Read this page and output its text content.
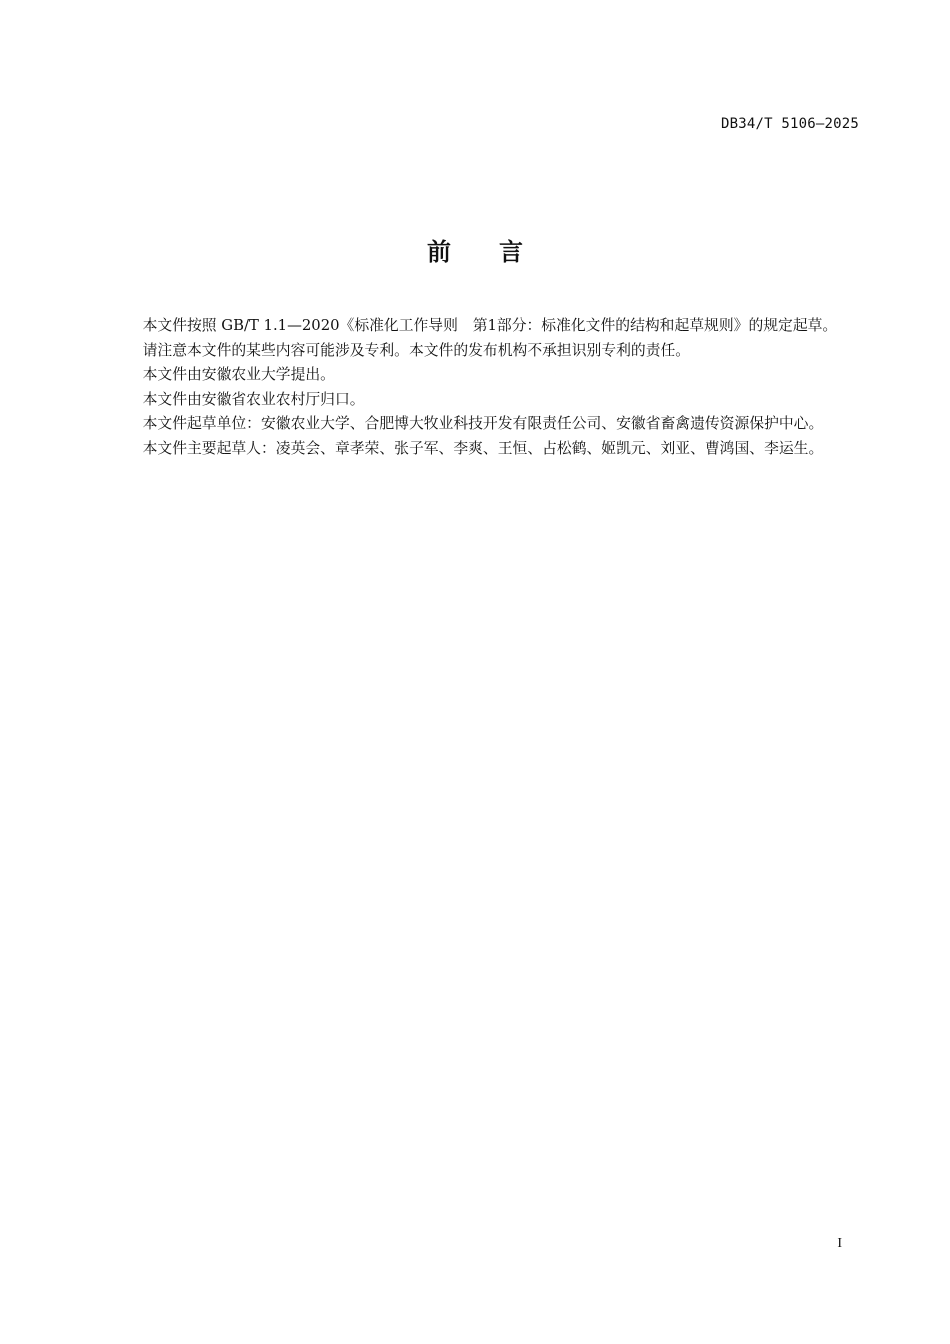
DB34/T 5106—2025
前言

本文件按照 GB/T 1.1—2020《标准化工作导则　第1部分：标准化文件的结构和起草规则》的规定起草。

请注意本文件的某些内容可能涉及专利。本文件的发布机构不承担识别专利的责任。

本文件由安徽农业大学提出。

本文件由安徽省农业农村厅归口。

本文件起草单位：安徽农业大学、合肥博大牧业科技开发有限责任公司、安徽省畜禽遗传资源保护中心。

本文件主要起草人：凌英会、章孝荣、张子军、李爽、王恒、占松鹤、姬凯元、刘亚、曹鸿国、李运生。

I
